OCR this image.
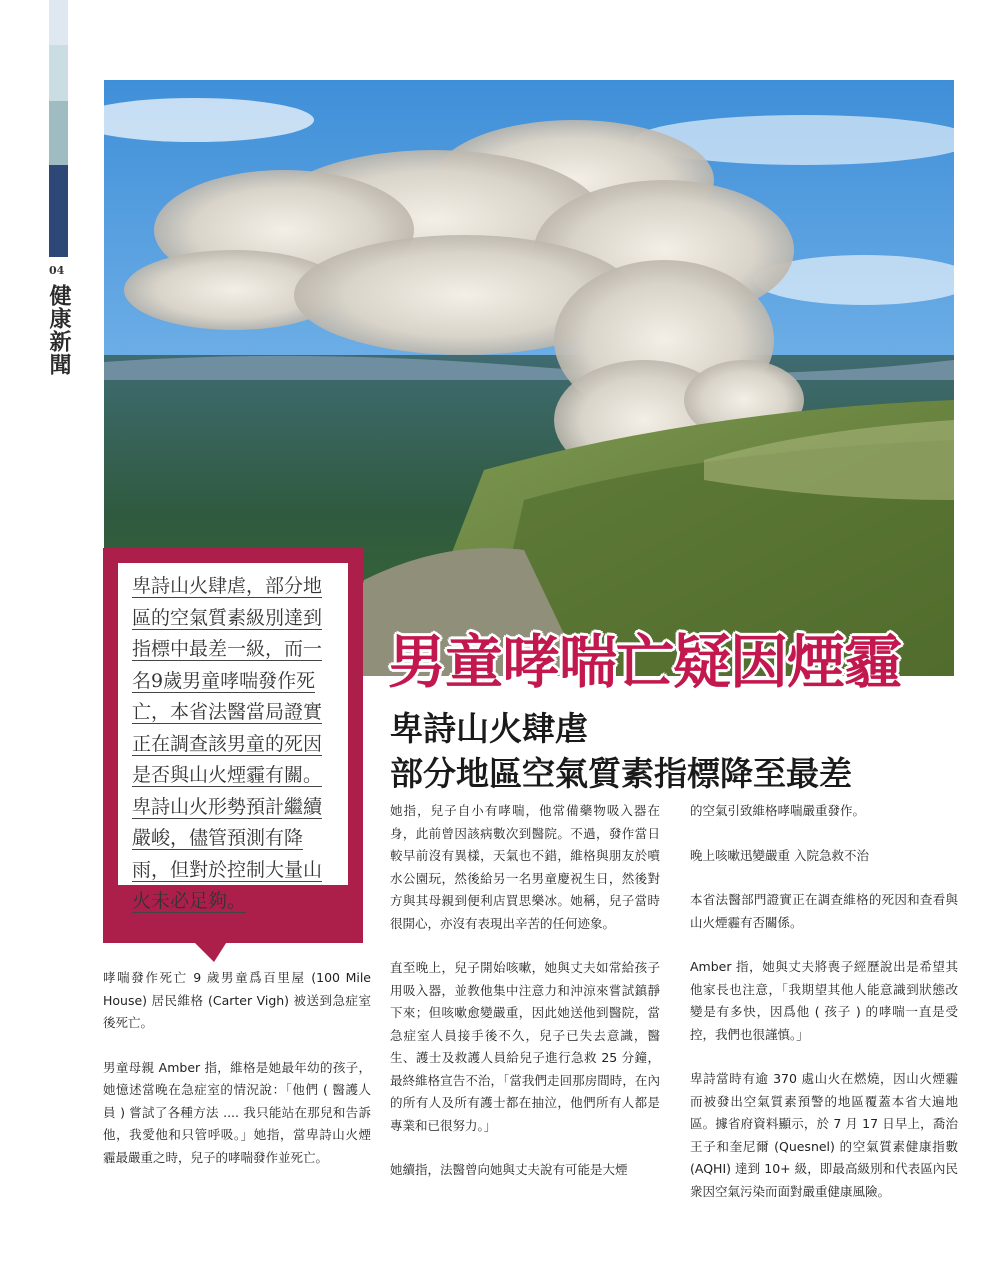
04
健康新聞
卑詩山火肆虐，部分地
區的空氣質素級別達到
指標中最差一級，而一
名9歲男童哮喘發作死
亡，本省法醫當局證實
正在調查該男童的死因
是否與山火煙霾有關。
卑詩山火形勢預計繼續
嚴峻，儘管預測有降
雨，但對於控制大量山
火未必足夠。
男童哮喘亡疑因煙霾
卑詩山火肆虐
部分地區空氣質素指標降至最差

哮喘發作死亡 9 歲男童爲百里屋 (100 Mile House) 居民維格 (Carter Vigh) 被送到急症室後死亡。

男童母親 Amber 指，維格是她最年幼的孩子，她憶述當晚在急症室的情況說：「他們 ( 醫護人員 ) 嘗試了各種方法 .... 我只能站在那兒和告訴他，我愛他和只管呼吸。」她指，當卑詩山火煙霾最嚴重之時，兒子的哮喘發作並死亡。

她指，兒子自小有哮喘，他常備藥物吸入器在身，此前曾因該病數次到醫院。不過，發作當日較早前沒有異樣，天氣也不錯，維格與朋友於噴水公園玩，然後給另一名男童慶祝生日，然後對方與其母親到便利店買思樂冰。她稱，兒子當時很開心，亦沒有表現出辛苦的任何迹象。

直至晚上，兒子開始咳嗽，她與丈夫如常給孩子用吸入器，並教他集中注意力和沖涼來嘗試鎮靜下來；但咳嗽愈變嚴重，因此她送他到醫院，當急症室人員接手後不久，兒子已失去意識，醫生、護士及救護人員給兒子進行急救 25 分鐘，最終維格宣告不治，「當我們走回那房間時，在內的所有人及所有護士都在抽泣，他們所有人都是專業和已很努力。」

她續指，法醫曾向她與丈夫說有可能是大煙

的空氣引致維格哮喘嚴重發作。

晚上咳嗽迅變嚴重 入院急救不治

本省法醫部門證實正在調查維格的死因和查看與山火煙霾有否關係。

Amber 指，她與丈夫將喪子經歷說出是希望其他家長也注意，「我期望其他人能意識到狀態改變是有多快，因爲他 ( 孩子 ) 的哮喘一直是受控，我們也很謹慎。」

卑詩當時有逾 370 處山火在燃燒，因山火煙霾而被發出空氣質素預警的地區覆蓋本省大遍地區。據省府資料顯示，於 7 月 17 日早上，喬治王子和奎尼爾 (Quesnel) 的空氣質素健康指數 (AQHI) 達到 10+ 級，即最高級別和代表區內民衆因空氣污染而面對嚴重健康風險。
